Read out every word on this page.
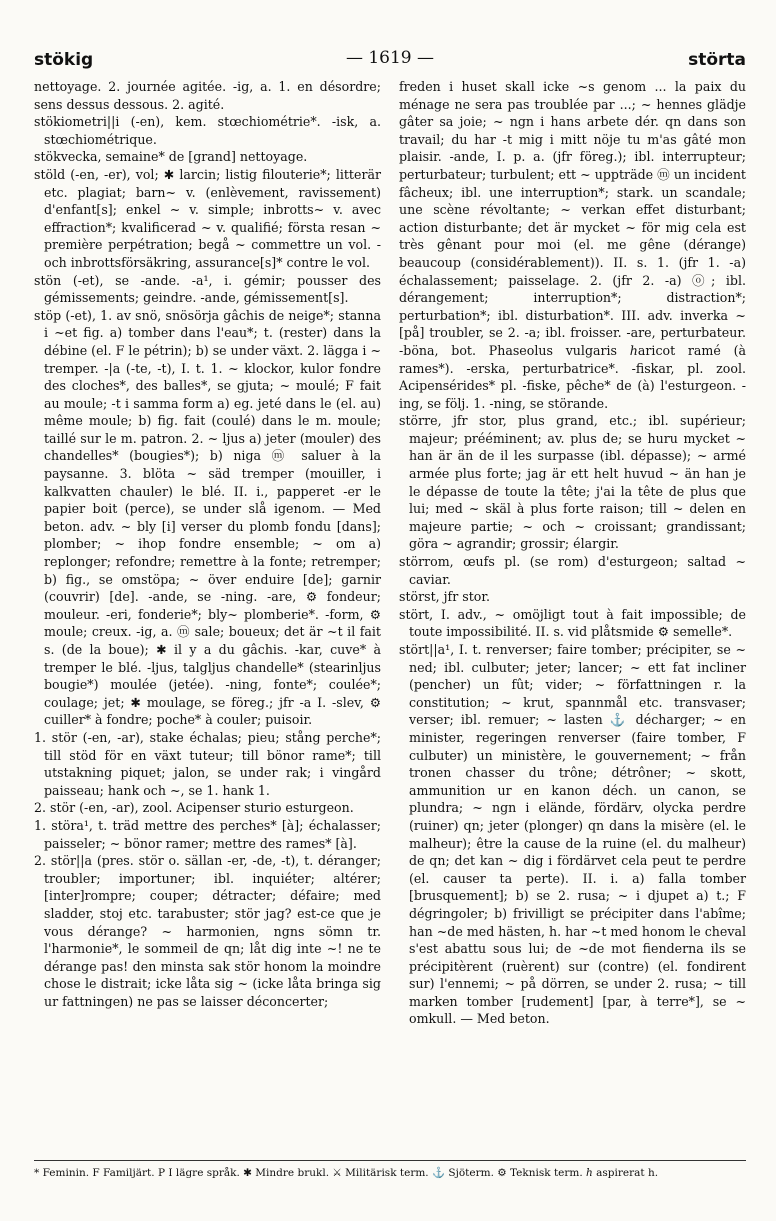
stökig	— 1619 —	störta

nettoyage. 2. journée agitée. -ig, a. 1. en désordre; sens dessus dessous. 2. agité.

stökiometri||i (-en), kem. stœchiométrie*. -isk, a. stœchiométrique.

stökvecka, semaine* de [grand] nettoyage.

stöld (-en, -er), vol; ✱ larcin; listig filouterie*; litterär etc. plagiat; barn~ v. (enlèvement, ravissement) d'enfant[s]; enkel ~ v. simple; inbrotts~ v. avec effraction*; kvalificerad ~ v. qualifié; första resan ~ première perpétration; begå ~ commettre un vol. - och inbrottsförsäkring, assurance[s]* contre le vol.

stön (-et), se -ande. -a¹, i. gémir; pousser des gémissements; geindre. -ande, gémissement[s].

stöp (-et), 1. av snö, snösörja gâchis de neige*; stanna i ~et fig. a) tomber dans l'eau*; t. (rester) dans la débine (el. F le pétrin); b) se under växt. 2. lägga i ~ tremper. -|a (-te, -t), I. t. 1. ~ klockor, kulor fondre des cloches*, des balles*, se gjuta; ~ moulé; F fait au moule; -t i samma form a) eg. jeté dans le (el. au) même moule; b) fig. fait (coulé) dans le m. moule; taillé sur le m. patron. 2. ~ ljus a) jeter (mouler) des chandelles* (bougies*); b) niga ⓜ saluer à la paysanne. 3. blöta ~ säd tremper (mouiller, i kalkvatten chauler) le blé. II. i., papperet -er le papier boit (perce), se under slå igenom. — Med beton. adv. ~ bly [i] verser du plomb fondu [dans]; plomber; ~ ihop fondre ensemble; ~ om a) replonger; refondre; remettre à la fonte; retremper; b) fig., se omstöpa; ~ över enduire [de]; garnir (couvrir) [de]. -ande, se -ning. -are, ⚙ fondeur; mouleur. -eri, fonderie*; bly~ plomberie*. -form, ⚙ moule; creux. -ig, a. ⓜ sale; boueux; det är ~t il fait s. (de la boue); ✱ il y a du gâchis. -kar, cuve* à tremper le blé. -ljus, talgljus chandelle* (stearinljus bougie*) moulée (jetée). -ning, fonte*; coulée*; coulage; jet; ✱ moulage, se föreg.; jfr -a I. -slev, ⚙ cuiller* à fondre; poche* à couler; puisoir.

1. stör (-en, -ar), stake échalas; pieu; stång perche*; till stöd för en växt tuteur; till bönor rame*; till utstakning piquet; jalon, se under rak; i vingård paisseau; hank och ~, se 1. hank 1.

2. stör (-en, -ar), zool. Acipenser sturio esturgeon.

1. störa¹, t. träd mettre des perches* [à]; échalasser; paisseler; ~ bönor ramer; mettre des rames* [à].

2. stör||a (pres. stör o. sällan -er, -de, -t), t. déranger; troubler; importuner; ibl. inquiéter; altérer; [inter]rompre; couper; détracter; défaire; med sladder, stoj etc. tarabuster; stör jag? est-ce que je vous dérange? ~ harmonien, ngns sömn tr. l'harmonie*, le sommeil de qn; låt dig inte ~! ne te dérange pas! den minsta sak stör honom la moindre chose le distrait; icke låta sig ~ (icke låta bringa sig ur fattningen) ne pas se laisser déconcerter;

freden i huset skall icke ~s genom ... la paix du ménage ne sera pas troublée par ...; ~ hennes glädje gâter sa joie; ~ ngn i hans arbete dér. qn dans son travail; du har -t mig i mitt nöje tu m'as gâté mon plaisir. -ande, I. p. a. (jfr föreg.); ibl. interrupteur; perturbateur; turbulent; ett ~ uppträde ⓜ un incident fâcheux; ibl. une interruption*; stark. un scandale; une scène révoltante; ~ verkan effet disturbant; action disturbante; det är mycket ~ för mig cela est très gênant pour moi (el. me gêne (dérange) beaucoup (considérablement)). II. s. 1. (jfr 1. -a) échalassement; paisselage. 2. (jfr 2. -a) ⓞ; ibl. dérangement; interruption*; distraction*; perturbation*; ibl. disturbation*. III. adv. inverka ~ [på] troubler, se 2. -a; ibl. froisser. -are, perturbateur. -böna, bot. Phaseolus vulgaris ℎaricot ramé (à rames*). -erska, perturbatrice*. -fiskar, pl. zool. Acipensérides* pl. -fiske, pêche* de (à) l'esturgeon. -ing, se följ. 1. -ning, se störande.

större, jfr stor, plus grand, etc.; ibl. supérieur; majeur; prééminent; av. plus de; se huru mycket ~ han är än de il les surpasse (ibl. dépasse); ~ armé armée plus forte; jag är ett helt huvud ~ än han je le dépasse de toute la tête; j'ai la tête de plus que lui; med ~ skäl à plus forte raison; till ~ delen en majeure partie; ~ och ~ croissant; grandissant; göra ~ agrandir; grossir; élargir.

störrom, œufs pl. (se rom) d'esturgeon; saltad ~ caviar.

störst, jfr stor.

stört, I. adv., ~ omöjligt tout à fait impossible; de toute impossibilité. II. s. vid plåtsmide ⚙ semelle*.

stört||a¹, I. t. renverser; faire tomber; précipiter, se ~ ned; ibl. culbuter; jeter; lancer; ~ ett fat incliner (pencher) un fût; vider; ~ författningen r. la constitution; ~ krut, spannmål etc. transvaser; verser; ibl. remuer; ~ lasten ⚓ décharger; ~ en minister, regeringen renverser (faire tomber, F culbuter) un ministère, le gouvernement; ~ från tronen chasser du trône; détrôner; ~ skott, ammunition ur en kanon déch. un canon, se plundra; ~ ngn i elände, fördärv, olycka perdre (ruiner) qn; jeter (plonger) qn dans la misère (el. le malheur); être la cause de la ruine (el. du malheur) de qn; det kan ~ dig i fördärvet cela peut te perdre (el. causer ta perte). II. i. a) falla tomber [brusquement]; b) se 2. rusa; ~ i djupet a) t.; F dégringoler; b) frivilligt se précipiter dans l'abîme; han ~de med hästen, h. har ~t med honom le cheval s'est abattu sous lui; de ~de mot fienderna ils se précipitèrent (ruèrent) sur (contre) (el. fondirent sur) l'ennemi; ~ på dörren, se under 2. rusa; ~ till marken tomber [rudement] [par, à terre*], se ~ omkull. — Med beton.

* Feminin. F Familjärt. P I lägre språk. ✱ Mindre brukl. ⚔ Militärisk term. ⚓ Sjöterm. ⚙ Teknisk term. ℎ aspirerat h.
